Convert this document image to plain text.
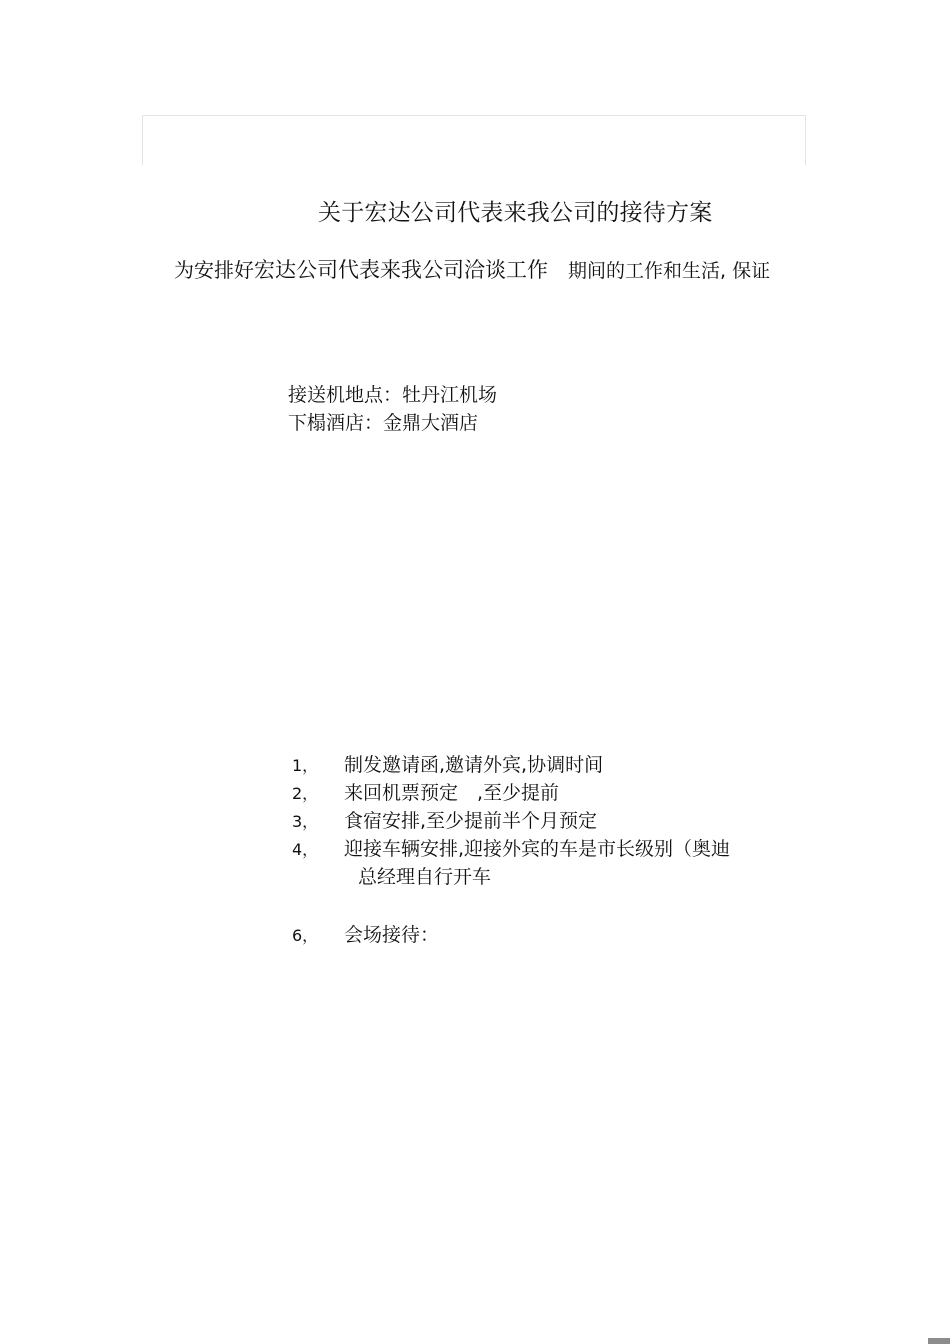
关于宏达公司代表来我公司的接待方案
为安排好宏达公司代表来我公司洽谈工作 期间的工作和生活, 保证
接送机地点：牡丹江机场
下榻酒店：金鼎大酒店
1， 制发邀请函,邀请外宾,协调时间
2， 来回机票预定　,至少提前
3， 食宿安排,至少提前半个月预定
4， 迎接车辆安排,迎接外宾的车是市长级别（奥迪
总经理自行开车
6， 会场接待：
